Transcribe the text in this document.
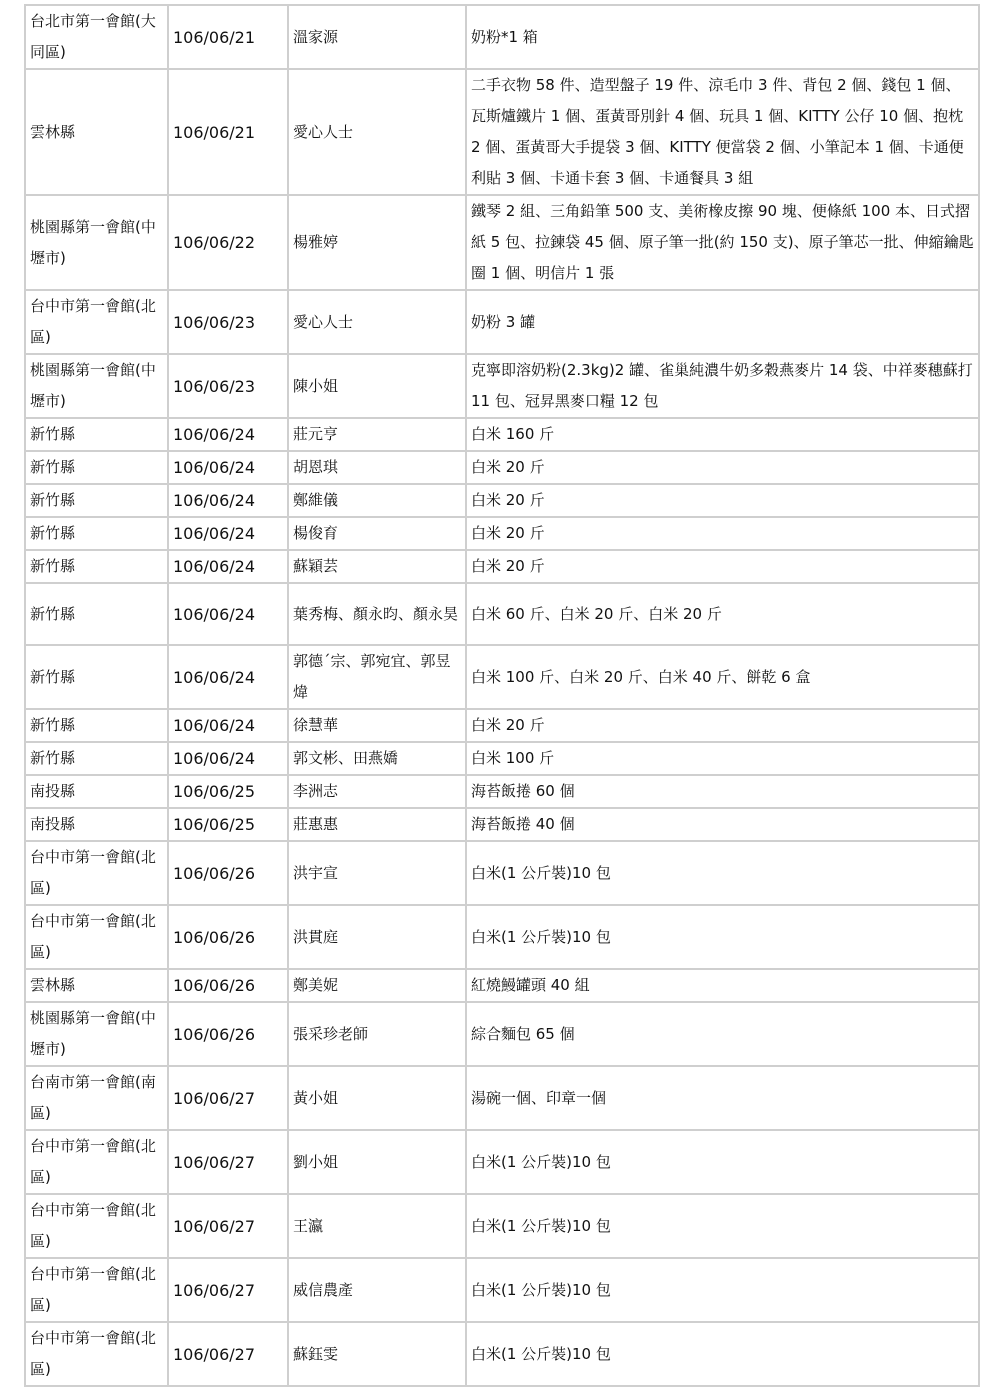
台北市第一會館(大同區)	106/06/21	溫家源	奶粉*1 箱
雲林縣	106/06/21	愛心人士	二手衣物 58 件、造型盤子 19 件、涼毛巾 3 件、背包 2 個、錢包 1 個、瓦斯爐鐵片 1 個、蛋黃哥別針 4 個、玩具 1 個、KITTY 公仔 10 個、抱枕 2 個、蛋黃哥大手提袋 3 個、KITTY 便當袋 2 個、小筆記本 1 個、卡通便利貼 3 個、卡通卡套 3 個、卡通餐具 3 組
桃園縣第一會館(中壢市)	106/06/22	楊雅婷	鐵琴 2 組、三角鉛筆 500 支、美術橡皮擦 90 塊、便條紙 100 本、日式摺紙 5 包、拉鍊袋 45 個、原子筆一批(約 150 支)、原子筆芯一批、伸縮鑰匙圈 1 個、明信片 1 張
台中市第一會館(北區)	106/06/23	愛心人士	奶粉 3 罐
桃園縣第一會館(中壢市)	106/06/23	陳小姐	克寧即溶奶粉(2.3kg)2 罐、雀巢純濃牛奶多穀燕麥片 14 袋、中祥麥穗蘇打 11 包、冠昇黑麥口糧 12 包
新竹縣	106/06/24	莊元亨	白米 160 斤
新竹縣	106/06/24	胡恩琪	白米 20 斤
新竹縣	106/06/24	鄭維儀	白米 20 斤
新竹縣	106/06/24	楊俊育	白米 20 斤
新竹縣	106/06/24	蘇穎芸	白米 20 斤
新竹縣	106/06/24	葉秀梅、顏永昀、顏永昊	白米 60 斤、白米 20 斤、白米 20 斤
新竹縣	106/06/24	郭德ˊ宗、郭宛宜、郭昱煒	白米 100 斤、白米 20 斤、白米 40 斤、餅乾 6 盒
新竹縣	106/06/24	徐慧華	白米 20 斤
新竹縣	106/06/24	郭文彬、田燕嬌	白米 100 斤
南投縣	106/06/25	李洲志	海苔飯捲 60 個
南投縣	106/06/25	莊惠惠	海苔飯捲 40 個
台中市第一會館(北區)	106/06/26	洪宇宣	白米(1 公斤裝)10 包
台中市第一會館(北區)	106/06/26	洪貫庭	白米(1 公斤裝)10 包
雲林縣	106/06/26	鄭美妮	紅燒鰻罐頭 40 組
桃園縣第一會館(中壢市)	106/06/26	張采珍老師	綜合麵包 65 個
台南市第一會館(南區)	106/06/27	黃小姐	湯碗一個、印章一個
台中市第一會館(北區)	106/06/27	劉小姐	白米(1 公斤裝)10 包
台中市第一會館(北區)	106/06/27	王瀛	白米(1 公斤裝)10 包
台中市第一會館(北區)	106/06/27	威信農產	白米(1 公斤裝)10 包
台中市第一會館(北區)	106/06/27	蘇鈺雯	白米(1 公斤裝)10 包
